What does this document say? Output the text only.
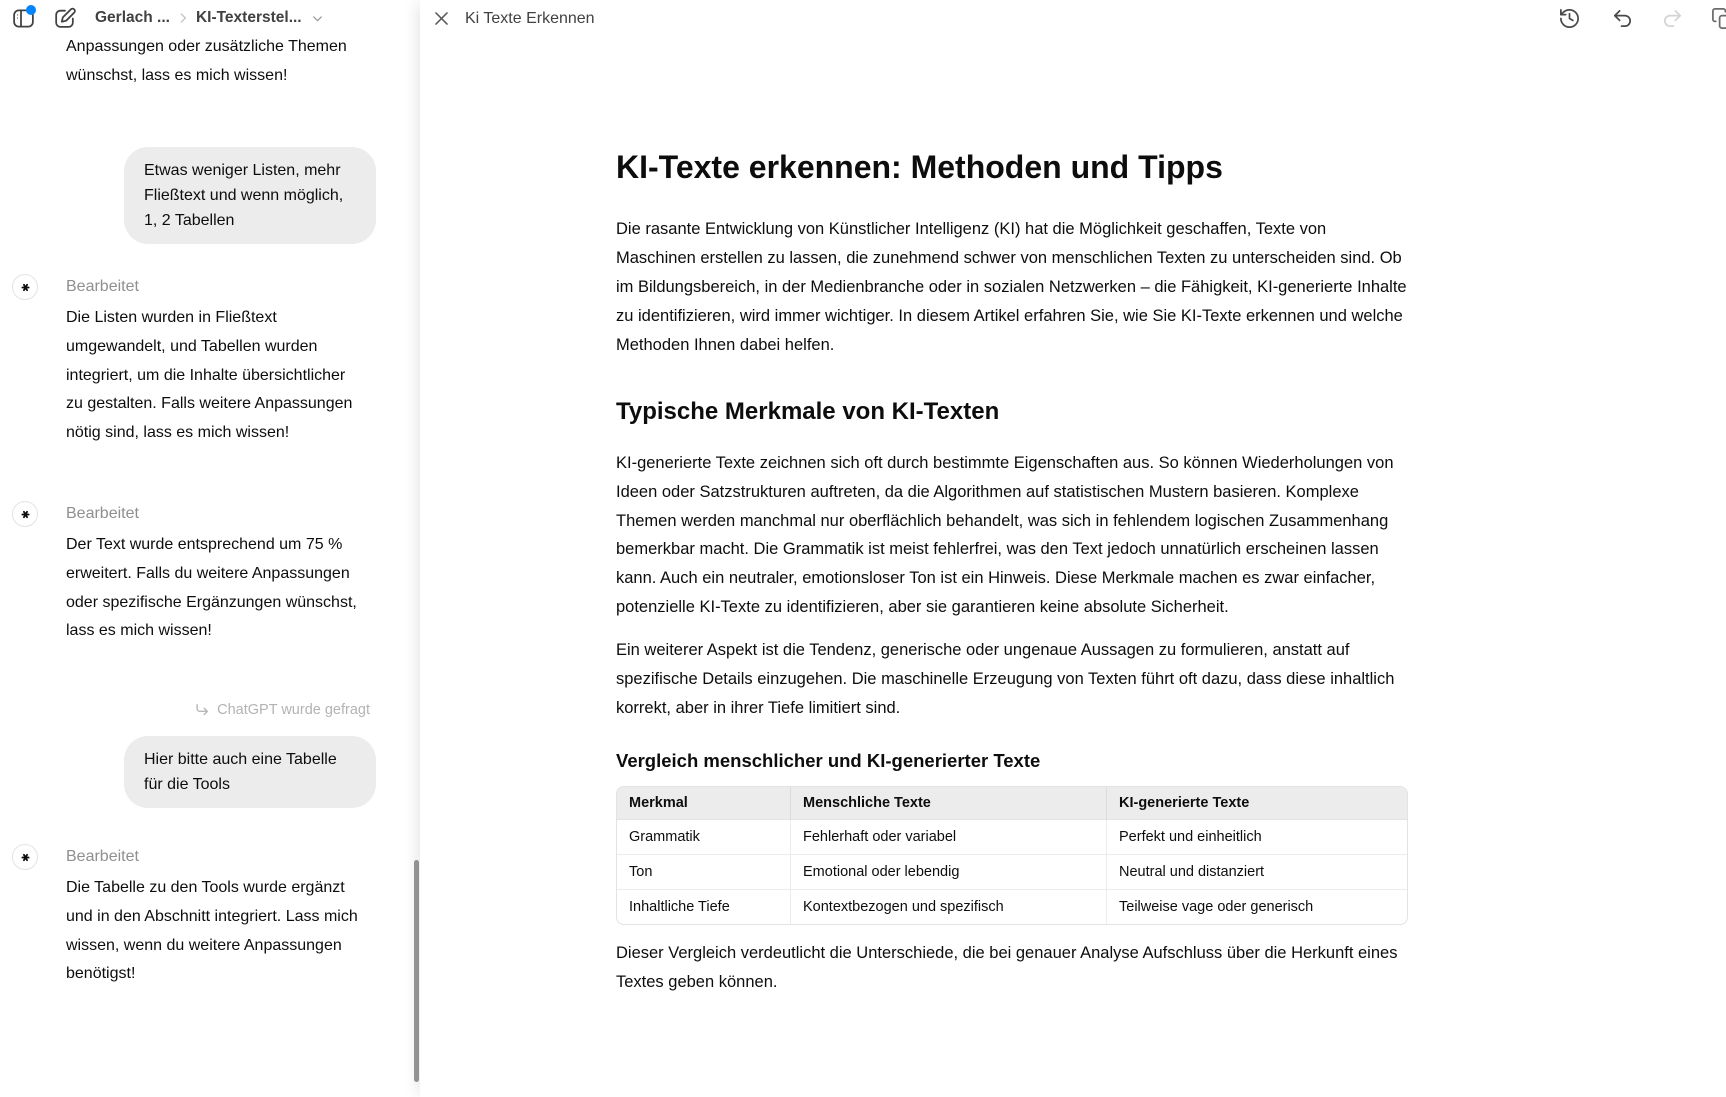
Gerlach ... KI-Texterstel...
Anpassungen oder zusätzliche Themen wünschst, lass es mich wissen!
Etwas weniger Listen, mehr Fließtext und wenn möglich, 1, 2 Tabellen
Bearbeitet
Die Listen wurden in Fließtext umgewandelt, und Tabellen wurden integriert, um die Inhalte übersichtlicher zu gestalten. Falls weitere Anpassungen nötig sind, lass es mich wissen!
Bearbeitet
Der Text wurde entsprechend um 75 % erweitert. Falls du weitere Anpassungen oder spezifische Ergänzungen wünschst, lass es mich wissen!
ChatGPT wurde gefragt
Hier bitte auch eine Tabelle für die Tools
Bearbeitet
Die Tabelle zu den Tools wurde ergänzt und in den Abschnitt integriert. Lass mich wissen, wenn du weitere Anpassungen benötigst!
Ki Texte Erkennen
KI-Texte erkennen: Methoden und Tipps

Die rasante Entwicklung von Künstlicher Intelligenz (KI) hat die Möglichkeit geschaffen, Texte von Maschinen erstellen zu lassen, die zunehmend schwer von menschlichen Texten zu unterscheiden sind. Ob im Bildungsbereich, in der Medienbranche oder in sozialen Netzwerken – die Fähigkeit, KI-generierte Inhalte zu identifizieren, wird immer wichtiger. In diesem Artikel erfahren Sie, wie Sie KI-Texte erkennen und welche Methoden Ihnen dabei helfen.

Typische Merkmale von KI-Texten

KI-generierte Texte zeichnen sich oft durch bestimmte Eigenschaften aus. So können Wiederholungen von Ideen oder Satzstrukturen auftreten, da die Algorithmen auf statistischen Mustern basieren. Komplexe Themen werden manchmal nur oberflächlich behandelt, was sich in fehlendem logischen Zusammenhang bemerkbar macht. Die Grammatik ist meist fehlerfrei, was den Text jedoch unnatürlich erscheinen lassen kann. Auch ein neutraler, emotionsloser Ton ist ein Hinweis. Diese Merkmale machen es zwar einfacher, potenzielle KI-Texte zu identifizieren, aber sie garantieren keine absolute Sicherheit.

Ein weiterer Aspekt ist die Tendenz, generische oder ungenaue Aussagen zu formulieren, anstatt auf spezifische Details einzugehen. Die maschinelle Erzeugung von Texten führt oft dazu, dass diese inhaltlich korrekt, aber in ihrer Tiefe limitiert sind.

Vergleich menschlicher und KI-generierter Texte
Merkmal	Menschliche Texte	KI-generierte Texte
Grammatik	Fehlerhaft oder variabel	Perfekt und einheitlich
Ton	Emotional oder lebendig	Neutral und distanziert
Inhaltliche Tiefe	Kontextbezogen und spezifisch	Teilweise vage oder generisch

Dieser Vergleich verdeutlicht die Unterschiede, die bei genauer Analyse Aufschluss über die Herkunft eines Textes geben können.
